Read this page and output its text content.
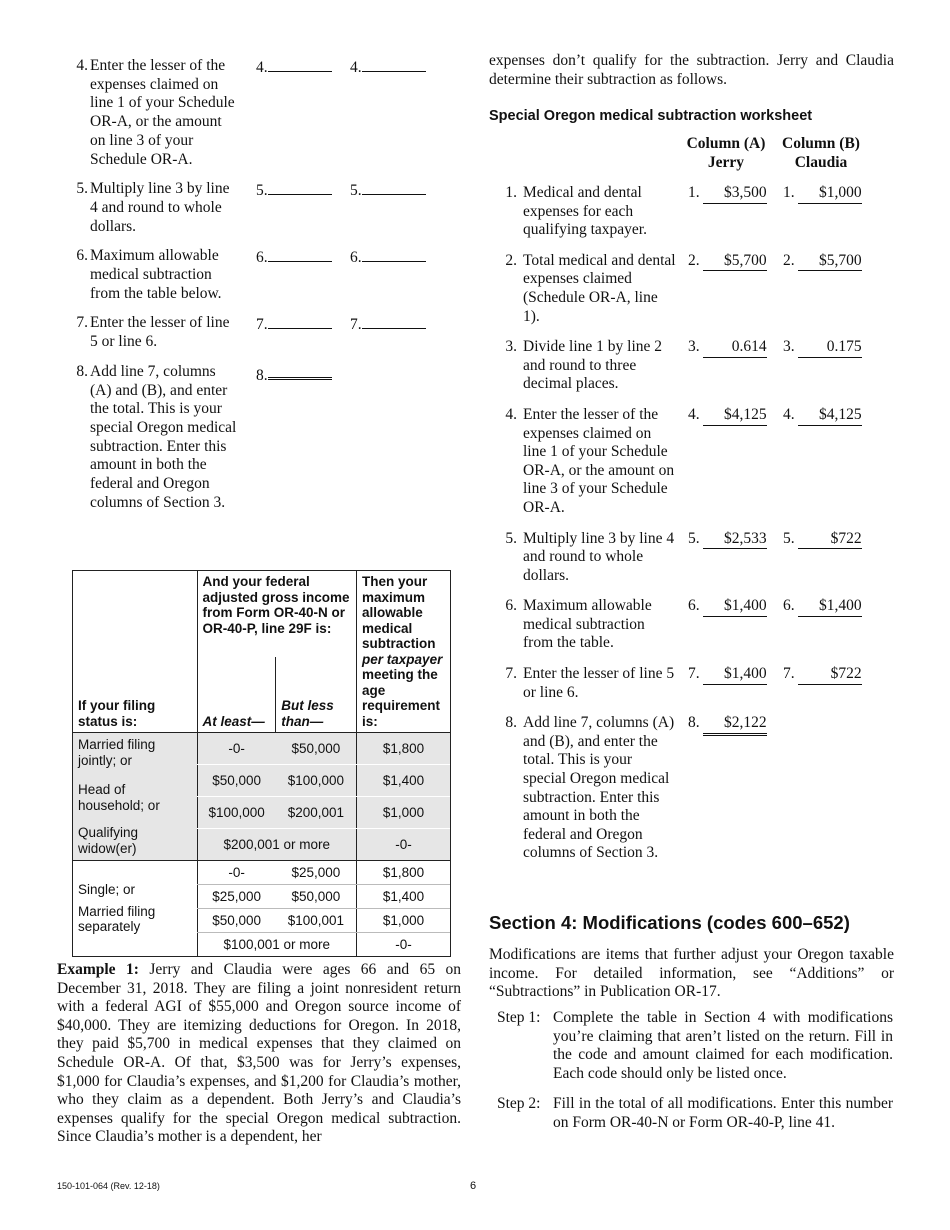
4. Enter the lesser of the expenses claimed on line 1 of your Schedule OR-A, or the amount on line 3 of your Schedule OR-A.
4.	4.
5. Multiply line 3 by line 4 and round to whole dollars.
5.	5.
6. Maximum allowable medical subtraction from the table below.
6.	6.
7. Enter the lesser of line 5 or line 6.
7.	7.
8. Add line 7, columns (A) and (B), and enter the total. This is your special Oregon medical subtraction. Enter this amount in both the federal and Oregon columns of Section 3.
8.
If your filing status is:	And your federal adjusted gross income from Form OR-40-N or OR-40-P, line 29F is:		Then your maximum allowable medical subtraction per taxpayer meeting the age requirement is:
	At least—	But less than—	

Married filing jointly; or
Head of household; or
Qualifying widow(er)	-0-	$50,000	$1,800
	$50,000	$100,000	$1,400
	$100,000	$200,001	$1,000
	$200,001 or more		-0-

Single; or
Married filing separately	-0-	$25,000	$1,800
	$25,000	$50,000	$1,400
	$50,000	$100,001	$1,000
	$100,001 or more		-0-
Example 1: Jerry and Claudia were ages 66 and 65 on December 31, 2018. They are filing a joint nonresident return with a federal AGI of $55,000 and Oregon source income of $40,000. They are itemizing deductions for Oregon. In 2018, they paid $5,700 in medical expenses that they claimed on Schedule OR-A. Of that, $3,500 was for Jerry’s expenses, $1,000 for Claudia’s expenses, and $1,200 for Claudia’s mother, who they claim as a dependent. Both Jerry’s and Claudia’s expenses qualify for the special Oregon medical subtraction. Since Claudia’s mother is a dependent, her
expenses don’t qualify for the subtraction. Jerry and Claudia determine their subtraction as follows.
Special Oregon medical subtraction worksheet
Column (A)
Jerry
Column (B)
Claudia
1. Medical and dental expenses for each qualifying taxpayer.
1.	$3,500 1.	$1,000
2. Total medical and dental expenses claimed (Schedule OR-A, line 1).
2.	$5,700 2.	$5,700
3. Divide line 1 by line 2 and round to three decimal places.
3.	0.614 3.	0.175
4. Enter the lesser of the expenses claimed on line 1 of your Schedule OR-A, or the amount on line 3 of your Schedule OR-A.
4.	$4,125 4.	$4,125
5. Multiply line 3 by line 4 and round to whole dollars.
5.	$2,533 5.	$722
6. Maximum allowable medical subtraction from the table.
6.	$1,400 6.	$1,400
7. Enter the lesser of line 5 or line 6.
7.	$1,400 7.	$722
8. Add line 7, columns (A) and (B), and enter the total. This is your special Oregon medical subtraction. Enter this amount in both the federal and Oregon columns of Section 3.
8.	$2,122
Section 4: Modifications (codes 600–652)
Modifications are items that further adjust your Oregon taxable income. For detailed information, see “Additions” or “Subtractions” in Publication OR-17.
Step 1: Complete the table in Section 4 with modifications you’re claiming that aren’t listed on the return. Fill in the code and amount claimed for each modification. Each code should only be listed once.
Step 2: Fill in the total of all modifications. Enter this number on Form OR-40-N or Form OR-40-P, line 41.
150-101-064 (Rev. 12-18)	6
